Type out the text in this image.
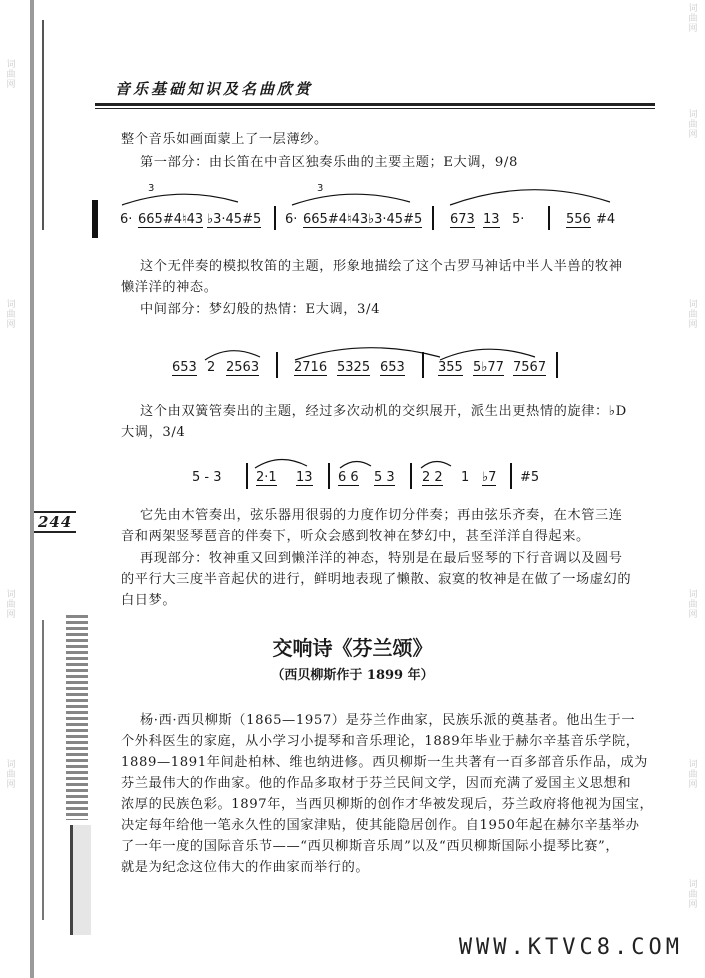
词
曲
网
词
曲
网
词
曲
网
词
曲
网
词
曲
网
词
曲
网
词
曲
网
词
曲
网
词
曲
网
词
曲
网
音乐基础知识及名曲欣赏
整个音乐如画面蒙上了一层薄纱。
第一部分：由长笛在中音区独奏乐曲的主要主题；E大调，9/8
3	3
6· 665#4♮43 ♭3·45#5 6· 665#4♮43 ♭3·45#5 673 13 5·	556 #4
这个无伴奏的模拟牧笛的主题，形象地描绘了这个古罗马神话中半人半兽的牧神
懒洋洋的神态。
中间部分：梦幻般的热情：E大调，3/4
653 2 2563	2716 5325 653	355 5♭77 7567
这个由双簧管奏出的主题，经过多次动机的交织展开，派生出更热情的旋律：♭D
大调，3/4
5 - 3	2·1 13 6 6 5 3 2 2 1 ♭7 #5
244	它先由木管奏出，弦乐器用很弱的力度作切分伴奏；再由弦乐齐奏，在木管三连
音和两架竖琴琶音的伴奏下，听众会感到牧神在梦幻中，甚至洋洋自得起来。
再现部分：牧神重又回到懒洋洋的神态，特别是在最后竖琴的下行音调以及圆号
的平行大三度半音起伏的进行，鲜明地表现了懒散、寂寞的牧神是在做了一场虚幻的
白日梦。
交响诗《芬兰颂》
（西贝柳斯作于 1899 年）
杨·西·西贝柳斯（1865—1957）是芬兰作曲家，民族乐派的奠基者。他出生于一
个外科医生的家庭，从小学习小提琴和音乐理论，1889年毕业于赫尔辛基音乐学院，
1889—1891年间赴柏林、维也纳进修。西贝柳斯一生共著有一百多部音乐作品，成为
芬兰最伟大的作曲家。他的作品多取材于芬兰民间文学，因而充满了爱国主义思想和
浓厚的民族色彩。1897年，当西贝柳斯的创作才华被发现后，芬兰政府将他视为国宝，
决定每年给他一笔永久性的国家津贴，使其能隐居创作。自1950年起在赫尔辛基举办
了一年一度的国际音乐节——“西贝柳斯音乐周”以及“西贝柳斯国际小提琴比赛”，
就是为纪念这位伟大的作曲家而举行的。
WWW.KTVC8.COM
